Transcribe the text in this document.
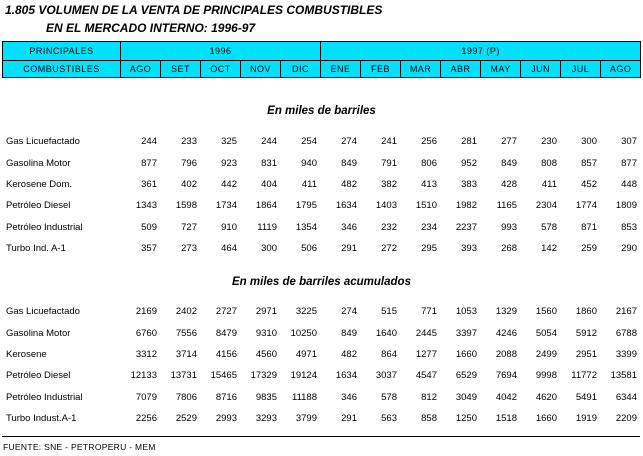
1.805 VOLUMEN DE LA VENTA DE PRINCIPALES COMBUSTIBLES
EN EL MERCADO INTERNO: 1996-97
PRINCIPALES	1996					1997 (P)							
COMBUSTIBLES	AGO	SET	OCT	NOV	DIC	ENE	FEB	MAR	ABR	MAY	JUN	JUL	AGO
En miles de barriles
Gas Licuefactado	244	233	325	244	254	274	241	256	281	277	230	300	307
Gasolina Motor	877	796	923	831	940	849	791	806	952	849	808	857	877
Kerosene Dom.	361	402	442	404	411	482	382	413	383	428	411	452	448
Petróleo Diesel	1343	1598	1734	1864	1795	1634	1403	1510	1982	1165	2304	1774	1809
Petróleo Industrial	509	727	910	1119	1354	346	232	234	2237	993	578	871	853
Turbo Ind. A-1	357	273	464	300	506	291	272	295	393	268	142	259	290
En miles de barriles acumulados
Gas Licuefactado	2169	2402	2727	2971	3225	274	515	771	1053	1329	1560	1860	2167
Gasolina Motor	6760	7556	8479	9310	10250	849	1640	2445	3397	4246	5054	5912	6788
Kerosene	3312	3714	4156	4560	4971	482	864	1277	1660	2088	2499	2951	3399
Petróleo Diesel	12133	13731	15465	17329	19124	1634	3037	4547	6529	7694	9998	11772	13581
Petróleo Industrial	7079	7806	8716	9835	11188	346	578	812	3049	4042	4620	5491	6344
Turbo Indust.A-1	2256	2529	2993	3293	3799	291	563	858	1250	1518	1660	1919	2209
FUENTE: SNE - PETROPERU - MEM
